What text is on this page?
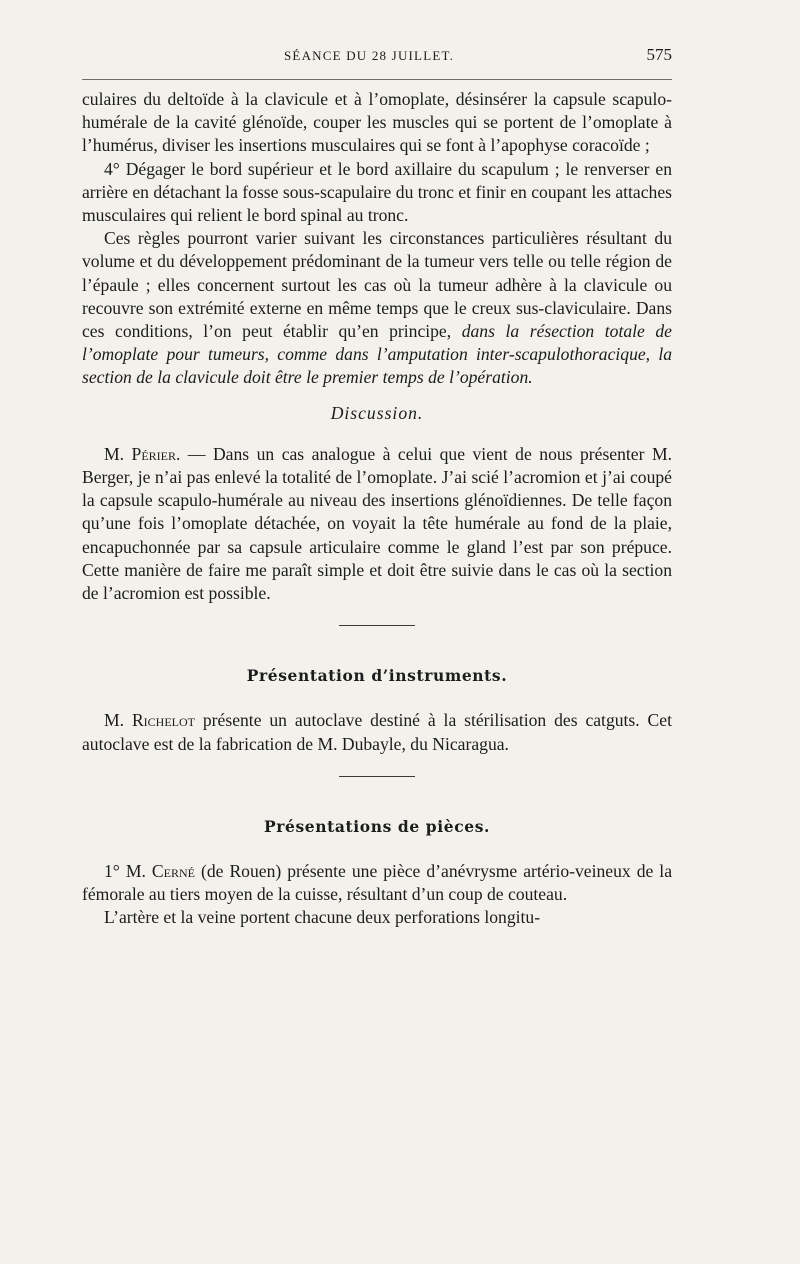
SÉANCE DU 28 JUILLET.	575

culaires du deltoïde à la clavicule et à l’omoplate, désinsérer la capsule scapulo-humérale de la cavité glénoïde, couper les muscles qui se portent de l’omoplate à l’humérus, diviser les insertions musculaires qui se font à l’apophyse coracoïde ;

4° Dégager le bord supérieur et le bord axillaire du scapulum ; le renverser en arrière en détachant la fosse sous-scapulaire du tronc et finir en coupant les attaches musculaires qui relient le bord spinal au tronc.

Ces règles pourront varier suivant les circonstances particulières résultant du volume et du développement prédominant de la tumeur vers telle ou telle région de l’épaule ; elles concernent surtout les cas où la tumeur adhère à la clavicule ou recouvre son extrémité externe en même temps que le creux sus-claviculaire. Dans ces conditions, l’on peut établir qu’en principe, dans la résection totale de l’omoplate pour tumeurs, comme dans l’amputation inter-scapulothoracique, la section de la clavicule doit être le premier temps de l’opération.

Discussion.

M. Périer. — Dans un cas analogue à celui que vient de nous présenter M. Berger, je n’ai pas enlevé la totalité de l’omoplate. J’ai scié l’acromion et j’ai coupé la capsule scapulo-humérale au niveau des insertions glénoïdiennes. De telle façon qu’une fois l’omoplate détachée, on voyait la tête humérale au fond de la plaie, encapuchonnée par sa capsule articulaire comme le gland l’est par son prépuce. Cette manière de faire me paraît simple et doit être suivie dans le cas où la section de l’acromion est possible.

Présentation d’instruments.

M. Richelot présente un autoclave destiné à la stérilisation des catguts. Cet autoclave est de la fabrication de M. Dubayle, du Nicaragua.

Présentations de pièces.

1° M. Cerné (de Rouen) présente une pièce d’anévrysme artério-veineux de la fémorale au tiers moyen de la cuisse, résultant d’un coup de couteau.

L’artère et la veine portent chacune deux perforations longitu-
